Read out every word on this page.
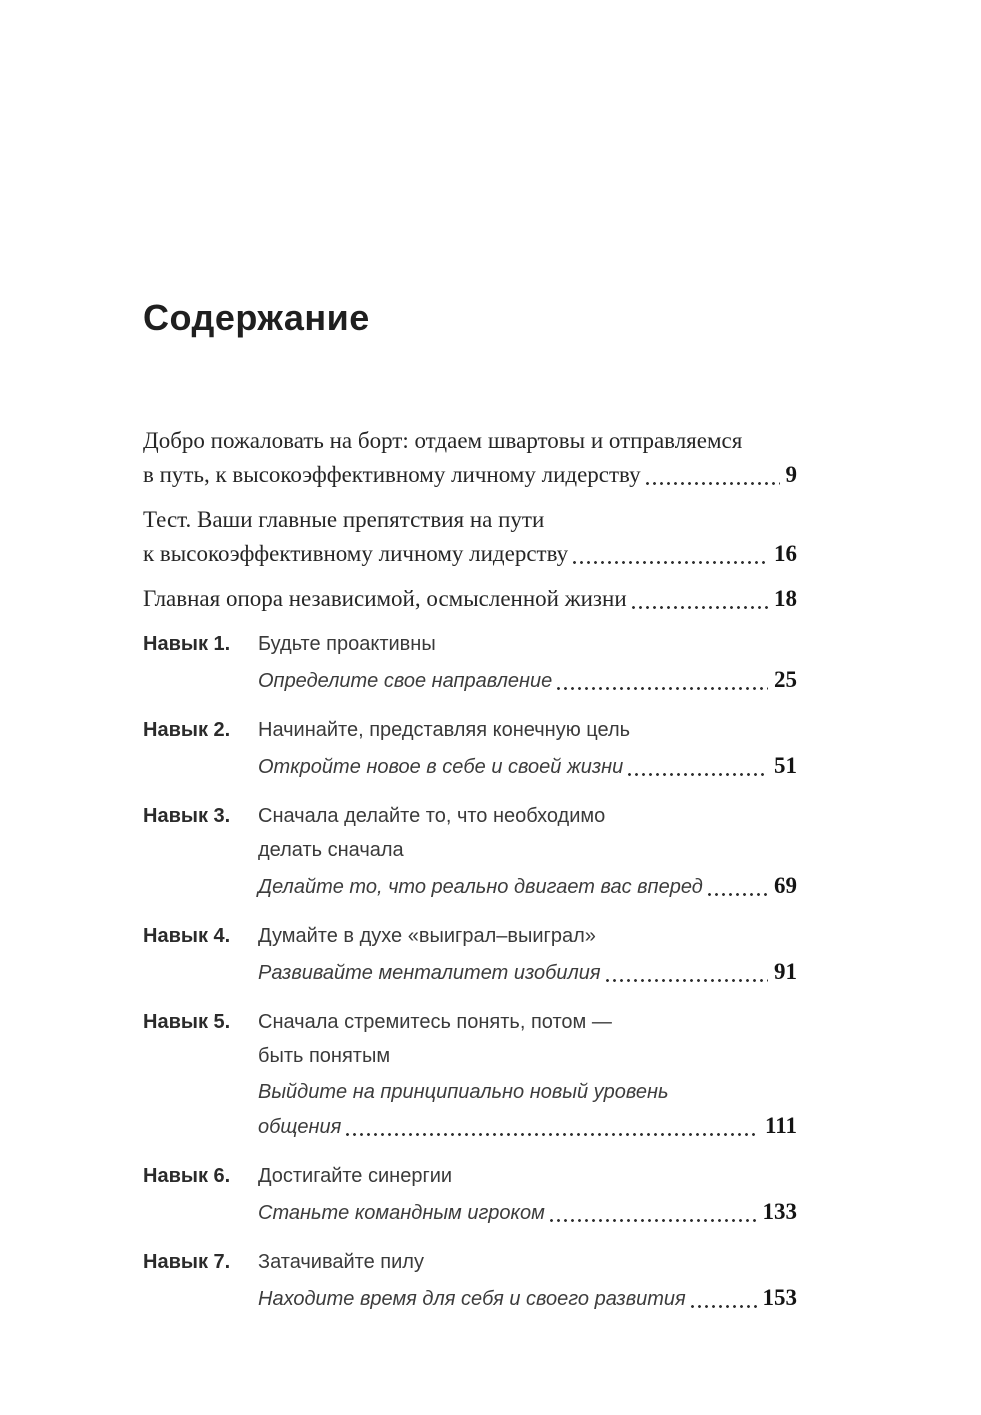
Содержание
Добро пожаловать на борт: отдаем швартовы и отправляемся
в путь, к высокоэффективному личному лидерству	9
Тест. Ваши главные препятствия на пути
к высокоэффективному личному лидерству	16
Главная опора независимой, осмысленной жизни	18
Навык 1.	Будьте проактивны
Определите свое направление	25
Навык 2.	Начинайте, представляя конечную цель
Откройте новое в себе и своей жизни	51
Навык 3.	Сначала делайте то, что необходимо
делать сначала
Делайте то, что реально двигает вас вперед	69
Навык 4.	Думайте в духе «выиграл–выиграл»
Развивайте менталитет изобилия	91
Навык 5.	Сначала стремитесь понять, потом —
быть понятым
Выйдите на принципиально новый уровень
общения	111
Навык 6.	Достигайте синергии
Станьте командным игроком	133
Навык 7.	Затачивайте пилу
Находите время для себя и своего развития	153
